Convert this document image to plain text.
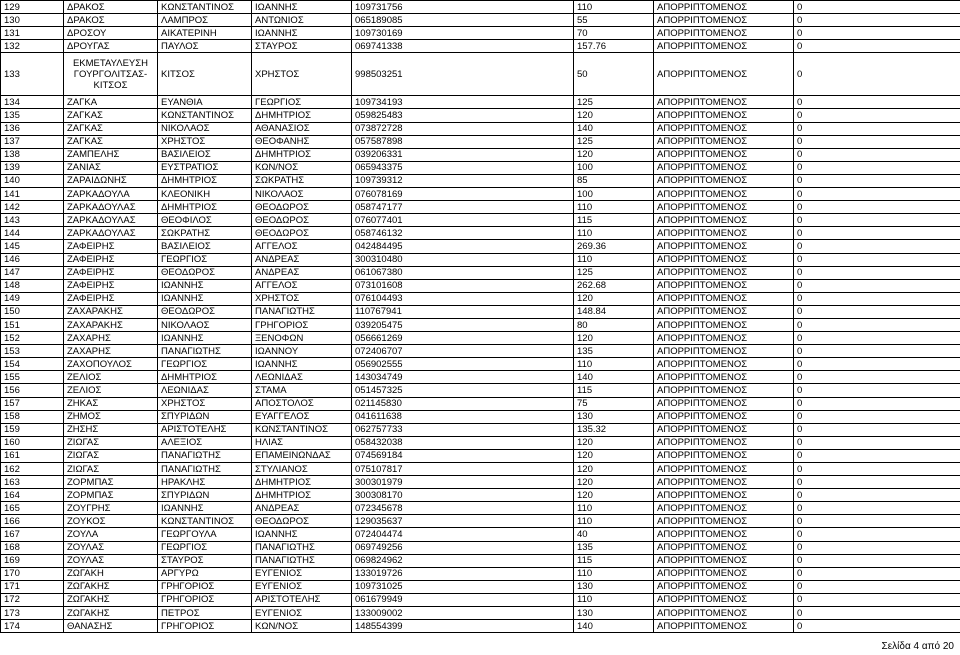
129	ΔΡΑΚΟΣ	ΚΩΝΣΤΑΝΤΙΝΟΣ	ΙΩΑΝΝΗΣ	109731756	110	ΑΠΟΡΡΙΠΤΟΜΕΝΟΣ	0
130	ΔΡΑΚΟΣ	ΛΑΜΠΡΟΣ	ΑΝΤΩΝΙΟΣ	065189085	55	ΑΠΟΡΡΙΠΤΟΜΕΝΟΣ	0
131	ΔΡΟΣΟΥ	ΑΙΚΑΤΕΡΙΝΗ	ΙΩΑΝΝΗΣ	109730169	70	ΑΠΟΡΡΙΠΤΟΜΕΝΟΣ	0
132	ΔΡΟΥΓΑΣ	ΠΑΥΛΟΣ	ΣΤΑΥΡΟΣ	069741338	157.76	ΑΠΟΡΡΙΠΤΟΜΕΝΟΣ	0
133	ΕΚΜΕΤΑΥΛΕΥΣΗ ΓΟΥΡΓΟΛΙΤΣΑΣ-ΚΙΤΣΟΣ	ΚΙΤΣΟΣ	ΧΡΗΣΤΟΣ	998503251	50	ΑΠΟΡΡΙΠΤΟΜΕΝΟΣ	0
134	ΖΑΓΚΑ	ΕΥΑΝΘΙΑ	ΓΕΩΡΓΙΟΣ	109734193	125	ΑΠΟΡΡΙΠΤΟΜΕΝΟΣ	0
135	ΖΑΓΚΑΣ	ΚΩΝΣΤΑΝΤΙΝΟΣ	ΔΗΜΗΤΡΙΟΣ	059825483	120	ΑΠΟΡΡΙΠΤΟΜΕΝΟΣ	0
136	ΖΑΓΚΑΣ	ΝΙΚΟΛΑΟΣ	ΑΘΑΝΑΣΙΟΣ	073872728	140	ΑΠΟΡΡΙΠΤΟΜΕΝΟΣ	0
137	ΖΑΓΚΑΣ	ΧΡΗΣΤΟΣ	ΘΕΟΦΑΝΗΣ	057587898	125	ΑΠΟΡΡΙΠΤΟΜΕΝΟΣ	0
138	ΖΑΜΠΕΛΗΣ	ΒΑΣΙΛΕΙΟΣ	ΔΗΜΗΤΡΙΟΣ	039206331	120	ΑΠΟΡΡΙΠΤΟΜΕΝΟΣ	0
139	ΖΑΝΙΑΣ	ΕΥΣΤΡΑΤΙΟΣ	ΚΩΝ/ΝΟΣ	065943375	100	ΑΠΟΡΡΙΠΤΟΜΕΝΟΣ	0
140	ΖΑΡΑΙΔΩΝΗΣ	ΔΗΜΗΤΡΙΟΣ	ΣΩΚΡΑΤΗΣ	109739312	85	ΑΠΟΡΡΙΠΤΟΜΕΝΟΣ	0
141	ΖΑΡΚΑΔΟΥΛΑ	ΚΛΕΟΝΙΚΗ	ΝΙΚΟΛΑΟΣ	076078169	100	ΑΠΟΡΡΙΠΤΟΜΕΝΟΣ	0
142	ΖΑΡΚΑΔΟΥΛΑΣ	ΔΗΜΗΤΡΙΟΣ	ΘΕΟΔΩΡΟΣ	058747177	110	ΑΠΟΡΡΙΠΤΟΜΕΝΟΣ	0
143	ΖΑΡΚΑΔΟΥΛΑΣ	ΘΕΟΦΙΛΟΣ	ΘΕΟΔΩΡΟΣ	076077401	115	ΑΠΟΡΡΙΠΤΟΜΕΝΟΣ	0
144	ΖΑΡΚΑΔΟΥΛΑΣ	ΣΩΚΡΑΤΗΣ	ΘΕΟΔΩΡΟΣ	058746132	110	ΑΠΟΡΡΙΠΤΟΜΕΝΟΣ	0
145	ΖΑΦΕΙΡΗΣ	ΒΑΣΙΛΕΙΟΣ	ΑΓΓΕΛΟΣ	042484495	269.36	ΑΠΟΡΡΙΠΤΟΜΕΝΟΣ	0
146	ΖΑΦΕΙΡΗΣ	ΓΕΩΡΓΙΟΣ	ΑΝΔΡΕΑΣ	300310480	110	ΑΠΟΡΡΙΠΤΟΜΕΝΟΣ	0
147	ΖΑΦΕΙΡΗΣ	ΘΕΟΔΩΡΟΣ	ΑΝΔΡΕΑΣ	061067380	125	ΑΠΟΡΡΙΠΤΟΜΕΝΟΣ	0
148	ΖΑΦΕΙΡΗΣ	ΙΩΑΝΝΗΣ	ΑΓΓΕΛΟΣ	073101608	262.68	ΑΠΟΡΡΙΠΤΟΜΕΝΟΣ	0
149	ΖΑΦΕΙΡΗΣ	ΙΩΑΝΝΗΣ	ΧΡΗΣΤΟΣ	076104493	120	ΑΠΟΡΡΙΠΤΟΜΕΝΟΣ	0
150	ΖΑΧΑΡΑΚΗΣ	ΘΕΟΔΩΡΟΣ	ΠΑΝΑΓΙΩΤΗΣ	110767941	148.84	ΑΠΟΡΡΙΠΤΟΜΕΝΟΣ	0
151	ΖΑΧΑΡΑΚΗΣ	ΝΙΚΟΛΑΟΣ	ΓΡΗΓΟΡΙΟΣ	039205475	80	ΑΠΟΡΡΙΠΤΟΜΕΝΟΣ	0
152	ΖΑΧΑΡΗΣ	ΙΩΑΝΝΗΣ	ΞΕΝΟΦΩΝ	056661269	120	ΑΠΟΡΡΙΠΤΟΜΕΝΟΣ	0
153	ΖΑΧΑΡΗΣ	ΠΑΝΑΓΙΩΤΗΣ	ΙΩΑΝΝΟΥ	072406707	135	ΑΠΟΡΡΙΠΤΟΜΕΝΟΣ	0
154	ΖΑΧΟΠΟΥΛΟΣ	ΓΕΩΡΓΙΟΣ	ΙΩΑΝΝΗΣ	056902555	110	ΑΠΟΡΡΙΠΤΟΜΕΝΟΣ	0
155	ΖΕΛΙΟΣ	ΔΗΜΗΤΡΙΟΣ	ΛΕΩΝΙΔΑΣ	143034749	140	ΑΠΟΡΡΙΠΤΟΜΕΝΟΣ	0
156	ΖΕΛΙΟΣ	ΛΕΩΝΙΔΑΣ	ΣΤΑΜΑ	051457325	115	ΑΠΟΡΡΙΠΤΟΜΕΝΟΣ	0
157	ΖΗΚΑΣ	ΧΡΗΣΤΟΣ	ΑΠΟΣΤΟΛΟΣ	021145830	75	ΑΠΟΡΡΙΠΤΟΜΕΝΟΣ	0
158	ΖΗΜΟΣ	ΣΠΥΡΙΔΩΝ	ΕΥΑΓΓΕΛΟΣ	041611638	130	ΑΠΟΡΡΙΠΤΟΜΕΝΟΣ	0
159	ΖΗΣΗΣ	ΑΡΙΣΤΟΤΕΛΗΣ	ΚΩΝΣΤΑΝΤΙΝΟΣ	062757733	135.32	ΑΠΟΡΡΙΠΤΟΜΕΝΟΣ	0
160	ΖΙΩΓΑΣ	ΑΛΕΞΙΟΣ	ΗΛΙΑΣ	058432038	120	ΑΠΟΡΡΙΠΤΟΜΕΝΟΣ	0
161	ΖΙΩΓΑΣ	ΠΑΝΑΓΙΩΤΗΣ	ΕΠΑΜΕΙΝΩΝΔΑΣ	074569184	120	ΑΠΟΡΡΙΠΤΟΜΕΝΟΣ	0
162	ΖΙΩΓΑΣ	ΠΑΝΑΓΙΩΤΗΣ	ΣΤΥΛΙΑΝΟΣ	075107817	120	ΑΠΟΡΡΙΠΤΟΜΕΝΟΣ	0
163	ΖΟΡΜΠΑΣ	ΗΡΑΚΛΗΣ	ΔΗΜΗΤΡΙΟΣ	300301979	120	ΑΠΟΡΡΙΠΤΟΜΕΝΟΣ	0
164	ΖΟΡΜΠΑΣ	ΣΠΥΡΙΔΩΝ	ΔΗΜΗΤΡΙΟΣ	300308170	120	ΑΠΟΡΡΙΠΤΟΜΕΝΟΣ	0
165	ΖΟΥΓΡΗΣ	ΙΩΑΝΝΗΣ	ΑΝΔΡΕΑΣ	072345678	110	ΑΠΟΡΡΙΠΤΟΜΕΝΟΣ	0
166	ΖΟΥΚΟΣ	ΚΩΝΣΤΑΝΤΙΝΟΣ	ΘΕΟΔΩΡΟΣ	129035637	110	ΑΠΟΡΡΙΠΤΟΜΕΝΟΣ	0
167	ΖΟΥΛΑ	ΓΕΩΡΓΟΥΛΑ	ΙΩΑΝΝΗΣ	072404474	40	ΑΠΟΡΡΙΠΤΟΜΕΝΟΣ	0
168	ΖΟΥΛΑΣ	ΓΕΩΡΓΙΟΣ	ΠΑΝΑΓΙΩΤΗΣ	069749256	135	ΑΠΟΡΡΙΠΤΟΜΕΝΟΣ	0
169	ΖΟΥΛΑΣ	ΣΤΑΥΡΟΣ	ΠΑΝΑΓΙΩΤΗΣ	069824962	115	ΑΠΟΡΡΙΠΤΟΜΕΝΟΣ	0
170	ΖΩΓΑΚΗ	ΑΡΓΥΡΩ	ΕΥΓΕΝΙΟΣ	133019726	110	ΑΠΟΡΡΙΠΤΟΜΕΝΟΣ	0
171	ΖΩΓΑΚΗΣ	ΓΡΗΓΟΡΙΟΣ	ΕΥΓΕΝΙΟΣ	109731025	130	ΑΠΟΡΡΙΠΤΟΜΕΝΟΣ	0
172	ΖΩΓΑΚΗΣ	ΓΡΗΓΟΡΙΟΣ	ΑΡΙΣΤΟΤΕΛΗΣ	061679949	110	ΑΠΟΡΡΙΠΤΟΜΕΝΟΣ	0
173	ΖΩΓΑΚΗΣ	ΠΕΤΡΟΣ	ΕΥΓΕΝΙΟΣ	133009002	130	ΑΠΟΡΡΙΠΤΟΜΕΝΟΣ	0
174	ΘΑΝΑΣΗΣ	ΓΡΗΓΟΡΙΟΣ	ΚΩΝ/ΝΟΣ	148554399	140	ΑΠΟΡΡΙΠΤΟΜΕΝΟΣ	0
Σελίδα 4 από 20
